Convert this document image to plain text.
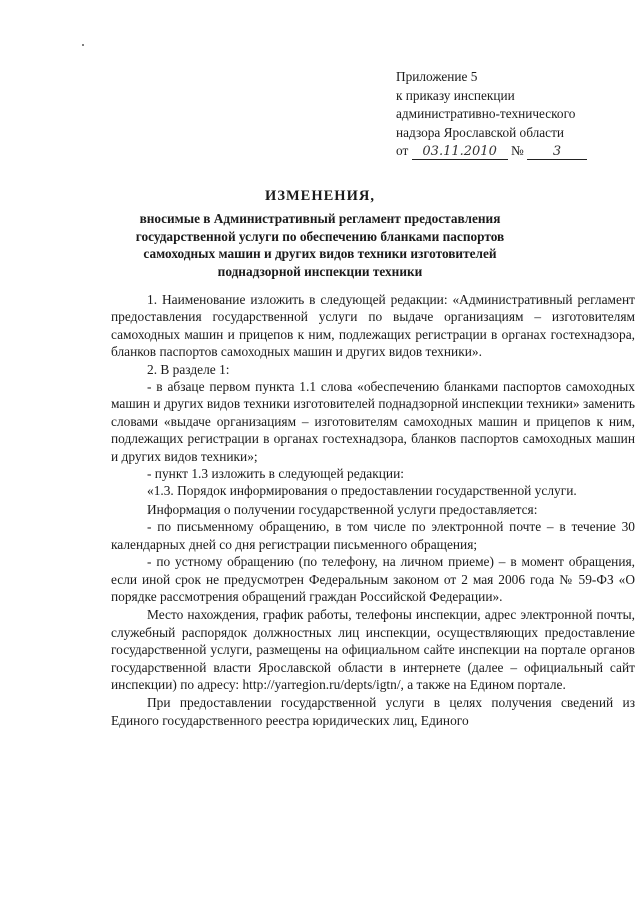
Приложение 5
к приказу инспекции
административно-технического
надзора Ярославской области
от 03.11.2010 № 3
ИЗМЕНЕНИЯ,
вносимые в Административный регламент предоставления государственной услуги по обеспечению бланками паспортов самоходных машин и других видов техники изготовителей поднадзорной инспекции техники

1. Наименование изложить в следующей редакции: «Административный регламент предоставления государственной услуги по выдаче организациям – изготовителям самоходных машин и прицепов к ним, подлежащих регистрации в органах гостехнадзора, бланков паспортов самоходных машин и других видов техники».

2. В разделе 1:

- в абзаце первом пункта 1.1 слова «обеспечению бланками паспортов самоходных машин и других видов техники изготовителей поднадзорной инспекции техники» заменить словами «выдаче организациям – изготовителям самоходных машин и прицепов к ним, подлежащих регистрации в органах гостехнадзора, бланков паспортов самоходных машин и других видов техники»;

- пункт 1.3 изложить в следующей редакции:

«1.3. Порядок информирования о предоставлении государственной услуги.

Информация о получении государственной услуги предоставляется:

- по письменному обращению, в том числе по электронной почте – в течение 30 календарных дней со дня регистрации письменного обращения;

- по устному обращению (по телефону, на личном приеме) – в момент обращения, если иной срок не предусмотрен Федеральным законом от 2 мая 2006 года № 59-ФЗ «О порядке рассмотрения обращений граждан Российской Федерации».

Место нахождения, график работы, телефоны инспекции, адрес электронной почты, служебный распорядок должностных лиц инспекции, осуществляющих предоставление государственной услуги, размещены на официальном сайте инспекции на портале органов государственной власти Ярославской области в интернете (далее – официальный сайт инспекции) по адресу: http://yarregion.ru/depts/igtn/, а также на Едином портале.

При предоставлении государственной услуги в целях получения сведений из Единого государственного реестра юридических лиц, Единого
